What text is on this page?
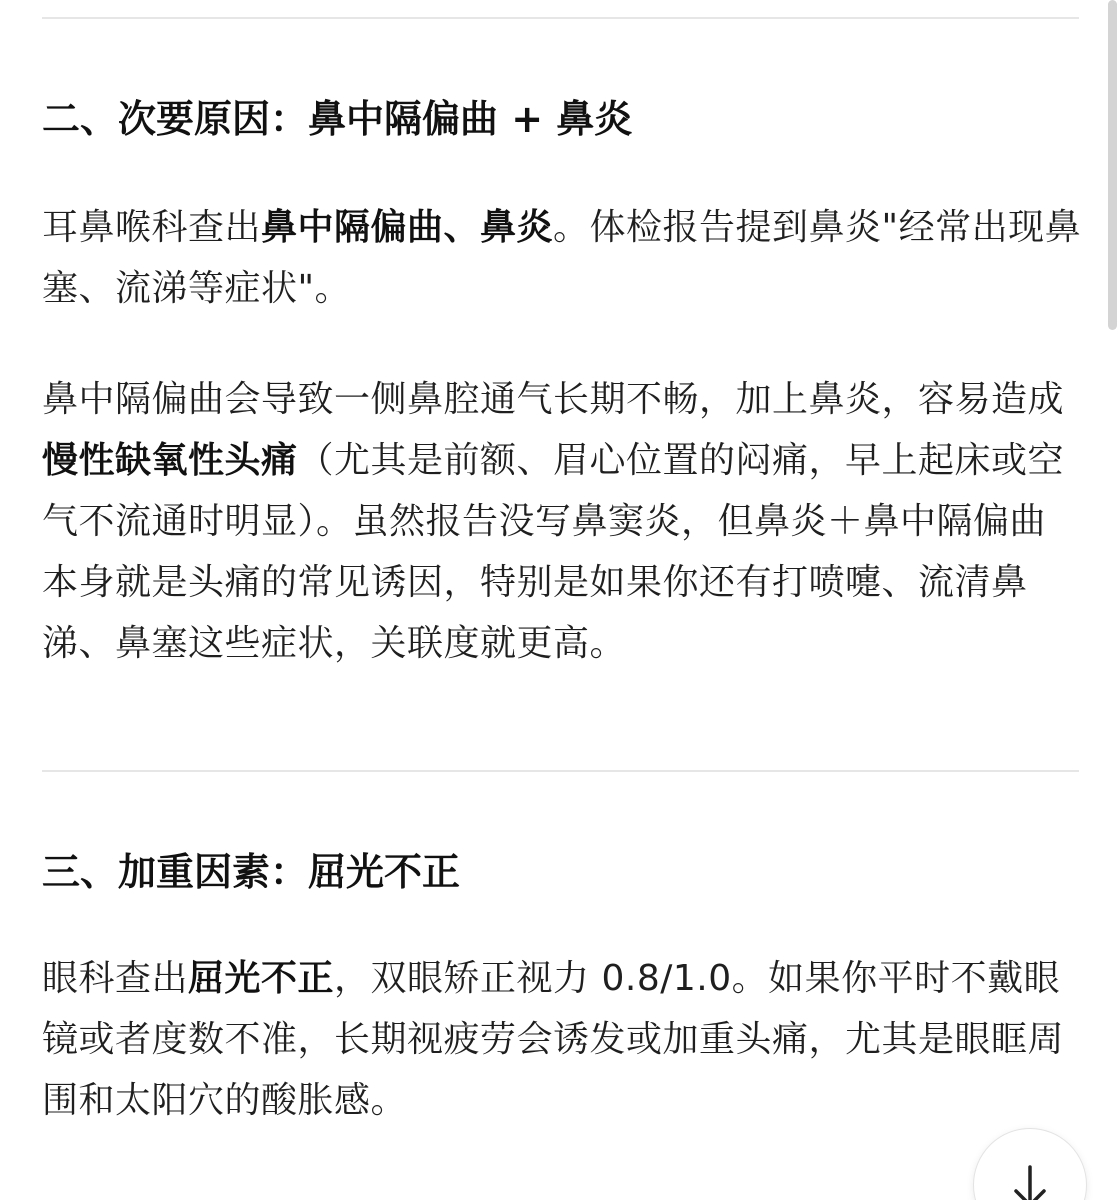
二、次要原因：鼻中隔偏曲 + 鼻炎

耳鼻喉科查出鼻中隔偏曲、鼻炎。体检报告提到鼻炎"经常出现鼻塞、流涕等症状"。

鼻中隔偏曲会导致一侧鼻腔通气长期不畅，加上鼻炎，容易造成慢性缺氧性头痛（尤其是前额、眉心位置的闷痛，早上起床或空气不流通时明显）。虽然报告没写鼻窦炎，但鼻炎＋鼻中隔偏曲本身就是头痛的常见诱因，特别是如果你还有打喷嚏、流清鼻涕、鼻塞这些症状，关联度就更高。

三、加重因素：屈光不正

眼科查出屈光不正，双眼矫正视力 0.8/1.0。如果你平时不戴眼镜或者度数不准，长期视疲劳会诱发或加重头痛，尤其是眼眶周围和太阳穴的酸胀感。
